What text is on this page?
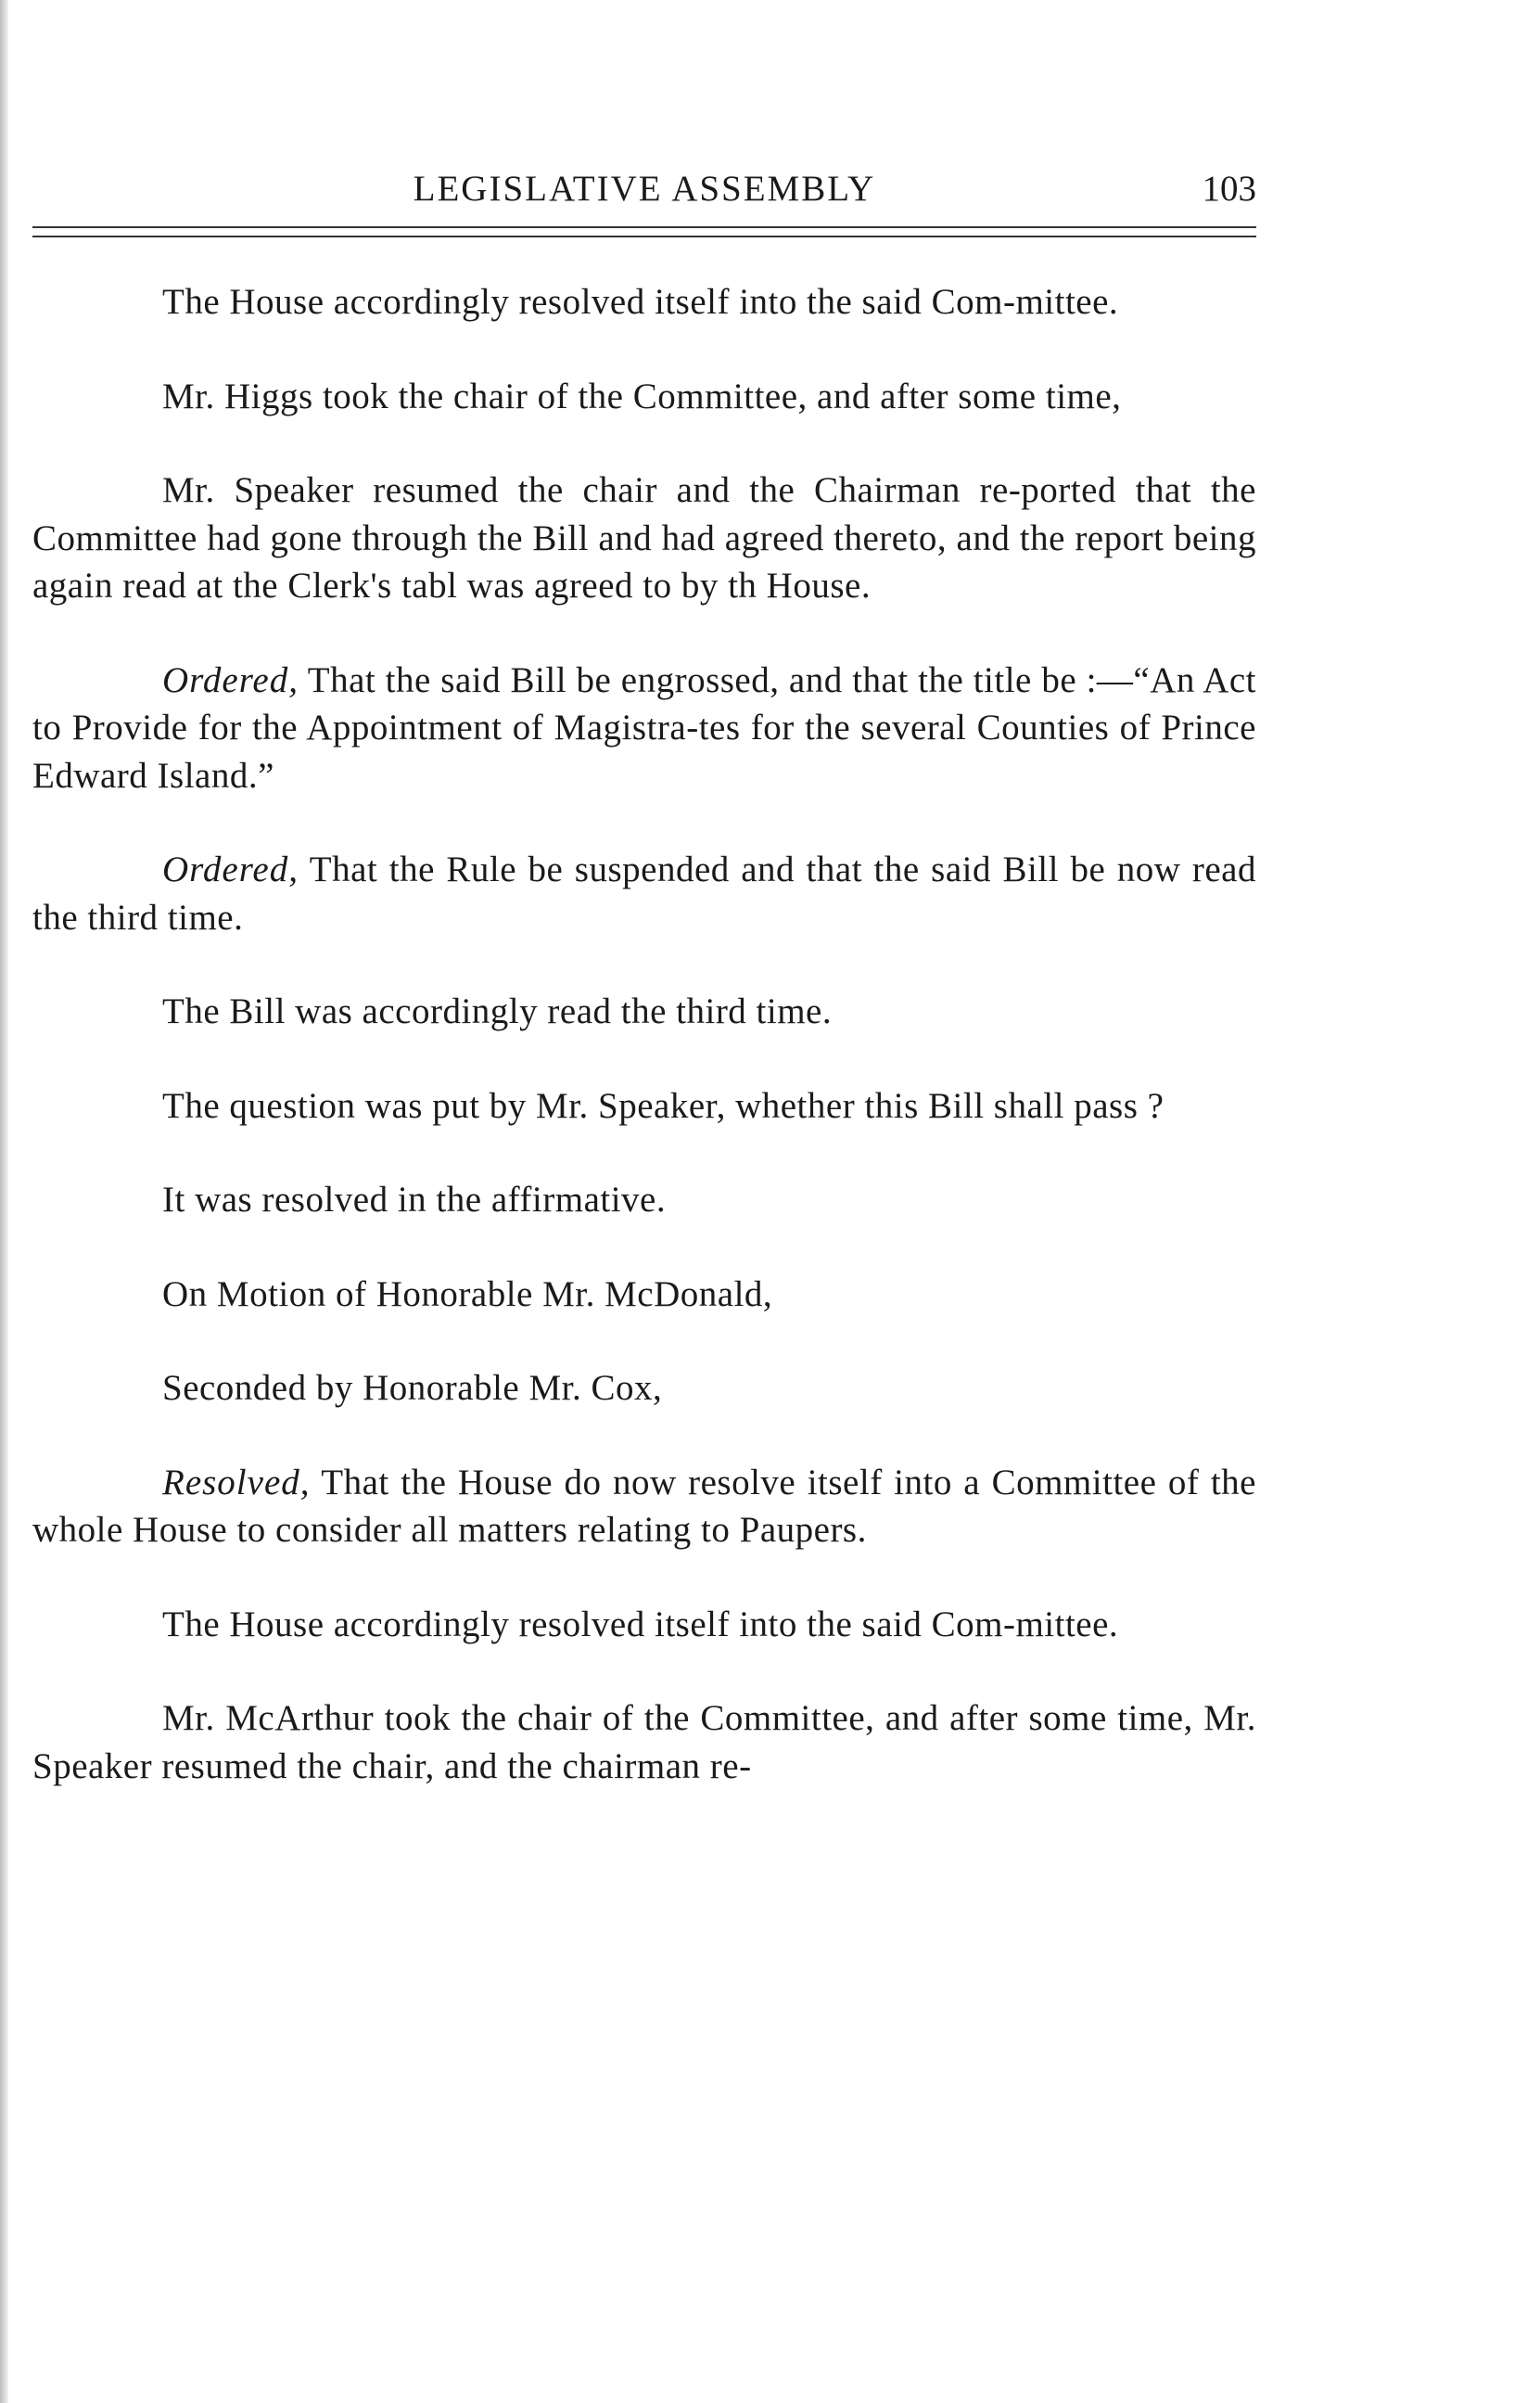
LEGISLATIVE ASSEMBLY	103

The House accordingly resolved itself into the said Com-mittee.

Mr. Higgs took the chair of the Committee, and after some time,

Mr. Speaker resumed the chair and the Chairman re-ported that the Committee had gone through the Bill and had agreed thereto, and the report being again read at the Clerk's tabl was agreed to by th House.

Ordered, That the said Bill be engrossed, and that the title be :—“An Act to Provide for the Appointment of Magistra-tes for the several Counties of Prince Edward Island.”

Ordered, That the Rule be suspended and that the said Bill be now read the third time.

The Bill was accordingly read the third time.

The question was put by Mr. Speaker, whether this Bill shall pass ?

It was resolved in the affirmative.

On Motion of Honorable Mr. McDonald,

Seconded by Honorable Mr. Cox,

Resolved, That the House do now resolve itself into a Committee of the whole House to consider all matters relating to Paupers.

The House accordingly resolved itself into the said Com-mittee.

Mr. McArthur took the chair of the Committee, and after some time, Mr. Speaker resumed the chair, and the chairman re-
